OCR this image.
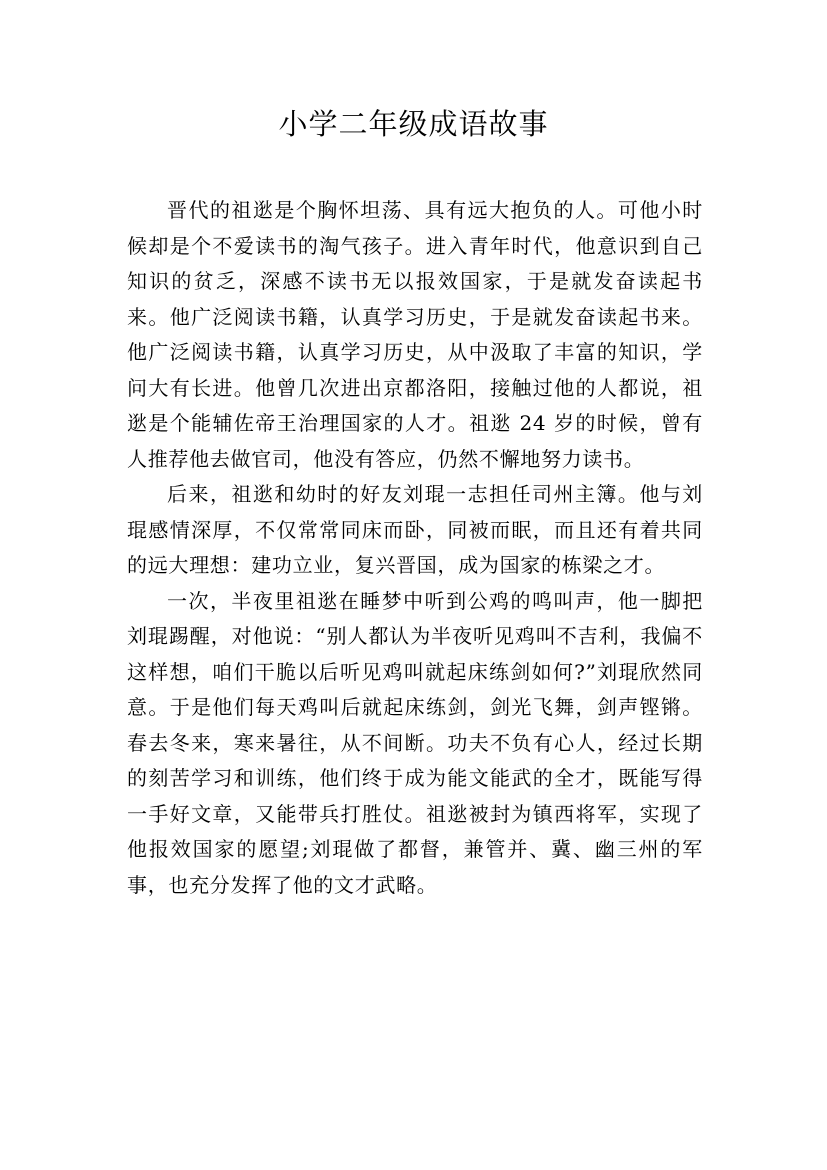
小学二年级成语故事

晋代的祖逖是个胸怀坦荡、具有远大抱负的人。可他小时候却是个不爱读书的淘气孩子。进入青年时代，他意识到自己知识的贫乏，深感不读书无以报效国家，于是就发奋读起书来。他广泛阅读书籍，认真学习历史，于是就发奋读起书来。他广泛阅读书籍，认真学习历史，从中汲取了丰富的知识，学问大有长进。他曾几次进出京都洛阳，接触过他的人都说，祖逖是个能辅佐帝王治理国家的人才。祖逖 24 岁的时候，曾有人推荐他去做官司，他没有答应，仍然不懈地努力读书。

后来，祖逖和幼时的好友刘琨一志担任司州主簿。他与刘琨感情深厚，不仅常常同床而卧，同被而眠，而且还有着共同的远大理想：建功立业，复兴晋国，成为国家的栋梁之才。

一次，半夜里祖逖在睡梦中听到公鸡的鸣叫声，他一脚把刘琨踢醒，对他说：“别人都认为半夜听见鸡叫不吉利，我偏不这样想，咱们干脆以后听见鸡叫就起床练剑如何?”刘琨欣然同意。于是他们每天鸡叫后就起床练剑，剑光飞舞，剑声铿锵。春去冬来，寒来暑往，从不间断。功夫不负有心人，经过长期的刻苦学习和训练，他们终于成为能文能武的全才，既能写得一手好文章，又能带兵打胜仗。祖逖被封为镇西将军，实现了他报效国家的愿望;刘琨做了都督，兼管并、冀、幽三州的军事，也充分发挥了他的文才武略。
